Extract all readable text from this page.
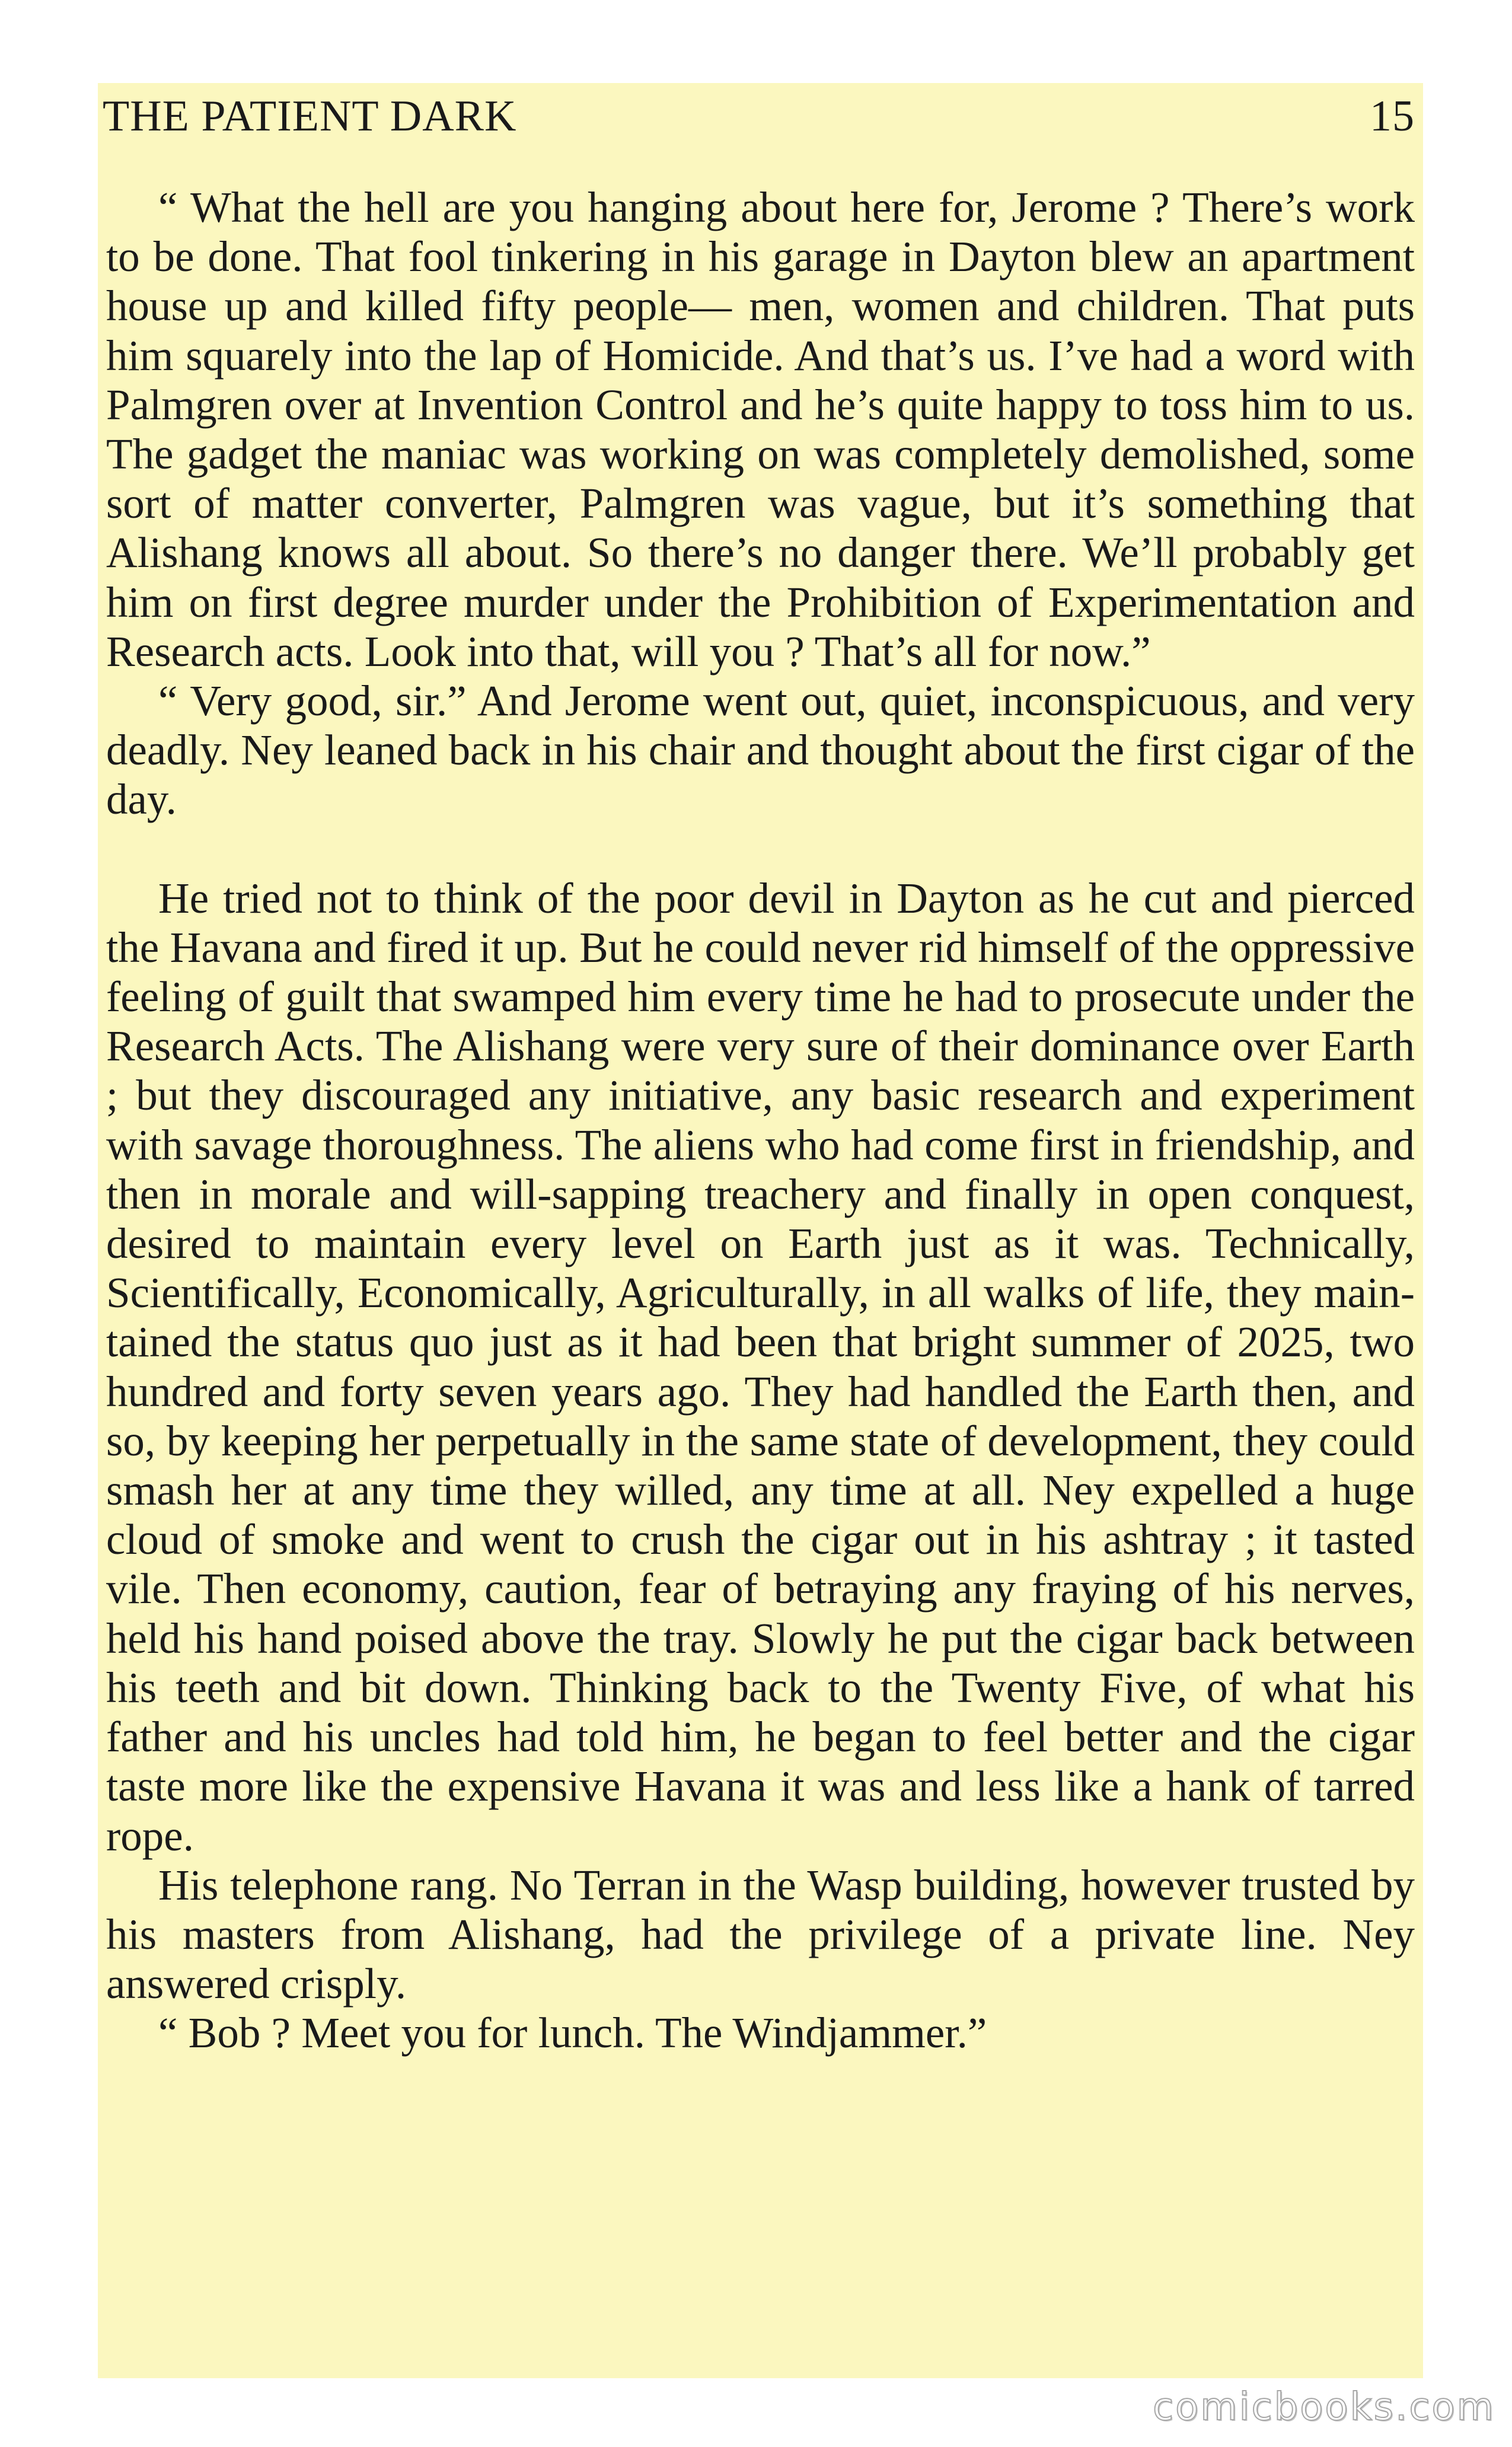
THE PATIENT DARK	15

“ What the hell are you hanging about here for, Jerome ? There’s work to be done. That fool tinkering in his garage in Dayton blew an apartment house up and killed fifty people— men, women and children. That puts him squarely into the lap of Homicide. And that’s us. I’ve had a word with Palmgren over at Invention Control and he’s quite happy to toss him to us. The gadget the maniac was working on was completely demolished, some sort of matter converter, Palmgren was vague, but it’s something that Alishang knows all about. So there’s no danger there. We’ll probably get him on first degree murder under the Prohibition of Experimentation and Research acts. Look into that, will you ? That’s all for now.”

“ Very good, sir.” And Jerome went out, quiet, inconspicuous, and very deadly. Ney leaned back in his chair and thought about the first cigar of the day.

He tried not to think of the poor devil in Dayton as he cut and pierced the Havana and fired it up. But he could never rid himself of the oppressive feeling of guilt that swamped him every time he had to prosecute under the Research Acts. The Alishang were very sure of their dominance over Earth ; but they discouraged any initiative, any basic research and experiment with savage thoroughness. The aliens who had come first in friendship, and then in morale and will-sapping treachery and finally in open conquest, desired to maintain every level on Earth just as it was. Technically, Scientifically, Economically, Agriculturally, in all walks of life, they maintained the status quo just as it had been that bright summer of 2025, two hundred and forty seven years ago. They had handled the Earth then, and so, by keeping her perpetually in the same state of development, they could smash her at any time they willed, any time at all. Ney expelled a huge cloud of smoke and went to crush the cigar out in his ashtray ; it tasted vile. Then economy, caution, fear of betraying any fraying of his nerves, held his hand poised above the tray. Slowly he put the cigar back between his teeth and bit down. Thinking back to the Twenty Five, of what his father and his uncles had told him, he began to feel better and the cigar taste more like the expensive Havana it was and less like a hank of tarred rope.

His telephone rang. No Terran in the Wasp building, however trusted by his masters from Alishang, had the privilege of a private line. Ney answered crisply.

“ Bob ? Meet you for lunch. The Windjammer.”

comicbooks.com
